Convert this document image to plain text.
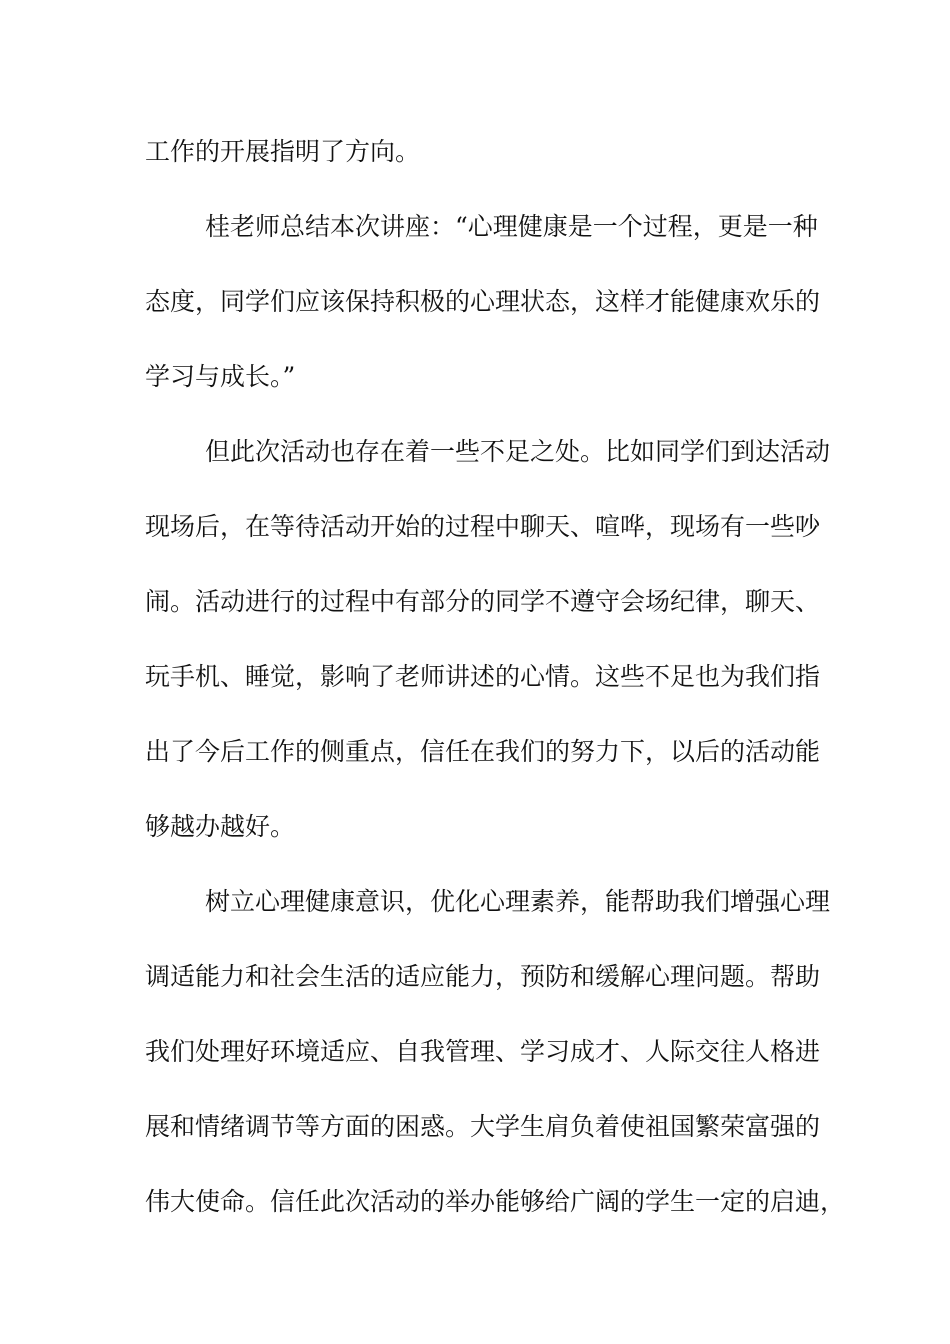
工作的开展指明了方向。
桂老师总结本次讲座：“心理健康是一个过程，更是一种
态度，同学们应该保持积极的心理状态，这样才能健康欢乐的
学习与成长。”
但此次活动也存在着一些不足之处。比如同学们到达活动
现场后，在等待活动开始的过程中聊天、喧哗，现场有一些吵
闹。活动进行的过程中有部分的同学不遵守会场纪律，聊天、
玩手机、睡觉，影响了老师讲述的心情。这些不足也为我们指
出了今后工作的侧重点，信任在我们的努力下，以后的活动能
够越办越好。
树立心理健康意识，优化心理素养，能帮助我们增强心理
调适能力和社会生活的适应能力，预防和缓解心理问题。帮助
我们处理好环境适应、自我管理、学习成才、人际交往人格进
展和情绪调节等方面的困惑。大学生肩负着使祖国繁荣富强的
伟大使命。信任此次活动的举办能够给广阔的学生一定的启迪，
